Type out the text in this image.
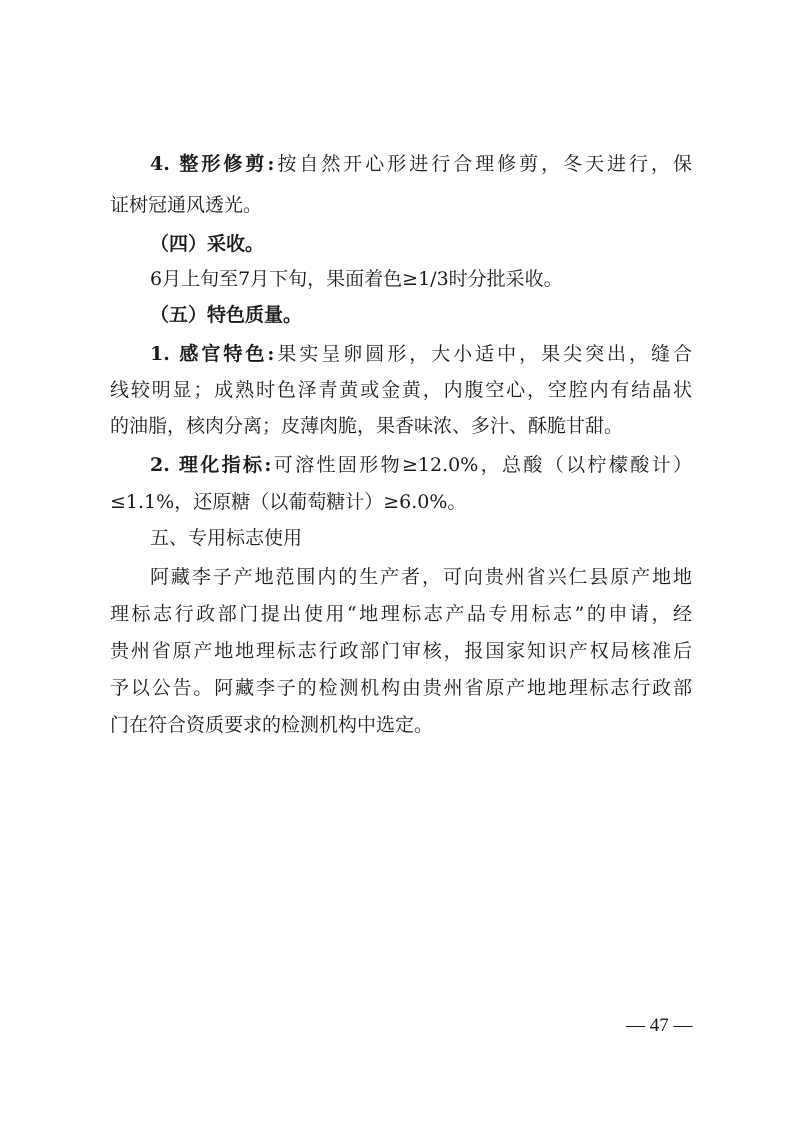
4. 整形修剪:按自然开心形进行合理修剪，冬天进行，保
证树冠通风透光。
（四）采收。
6月上旬至7月下旬，果面着色≥1/3时分批采收。
（五）特色质量。
1. 感官特色:果实呈卵圆形，大小适中，果尖突出，缝合
线较明显；成熟时色泽青黄或金黄，内腹空心，空腔内有结晶状
的油脂，核肉分离；皮薄肉脆，果香味浓、多汁、酥脆甘甜。
2. 理化指标:可溶性固形物≥12.0%，总酸（以柠檬酸计）
≤1.1%，还原糖（以葡萄糖计）≥6.0%。
五、专用标志使用
阿藏李子产地范围内的生产者，可向贵州省兴仁县原产地地
理标志行政部门提出使用“地理标志产品专用标志”的申请，经
贵州省原产地地理标志行政部门审核，报国家知识产权局核准后
予以公告。阿藏李子的检测机构由贵州省原产地地理标志行政部
门在符合资质要求的检测机构中选定。
— 47 —
